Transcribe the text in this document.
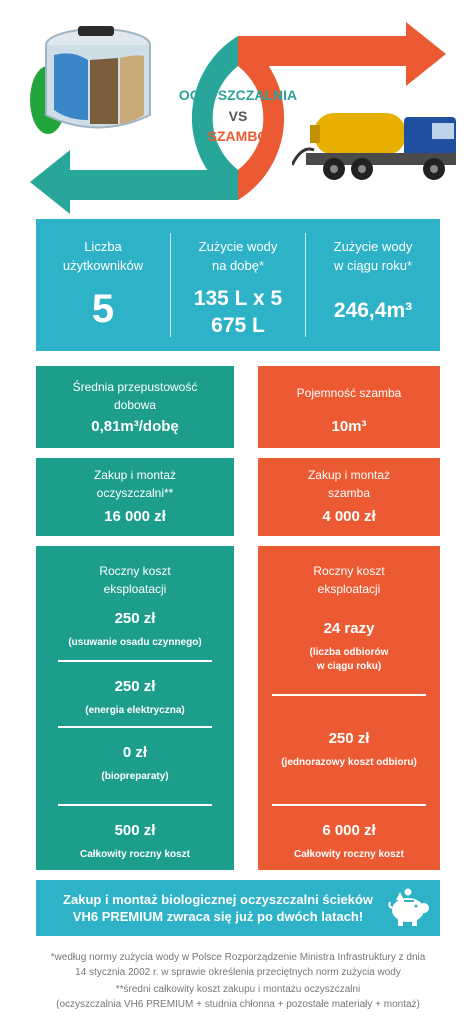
OCZYSZCZALNIA
VS
SZAMBO
Liczba
użytkowników
5
Zużycie wody
na dobę*
135 L x 5
675 L
Zużycie wody
w ciągu roku*
246,4m³
Średnia przepustowość
dobowa
0,81m³/dobę
Pojemność szamba
10m³
Zakup i montaż
oczyszczalni**
16 000 zł
Zakup i montaż
szamba
4 000 zł
Roczny koszt
eksploatacji
250 zł
(usuwanie osadu czynnego)
250 zł
(energia elektryczna)
0 zł
(biopreparaty)
500 zł
Całkowity roczny koszt
Roczny koszt
eksploatacji
24 razy
(liczba odbiorów
w ciągu roku)
250 zł
(jednorazowy koszt odbioru)
6 000 zł
Całkowity roczny koszt
Zakup i montaż biologicznej oczyszczalni ścieków
VH6 PREMIUM zwraca się już po dwóch latach!
*według normy zużycia wody w Polsce Rozporządzenie Ministra Infrastruktury z dnia
14 stycznia 2002 r. w sprawie określenia przeciętnych norm zużycia wody
**średni całkowity koszt zakupu i montażu oczyszczalni
(oczyszczalnia VH6 PREMIUM + studnia chłonna + pozostałe materiały + montaż)
